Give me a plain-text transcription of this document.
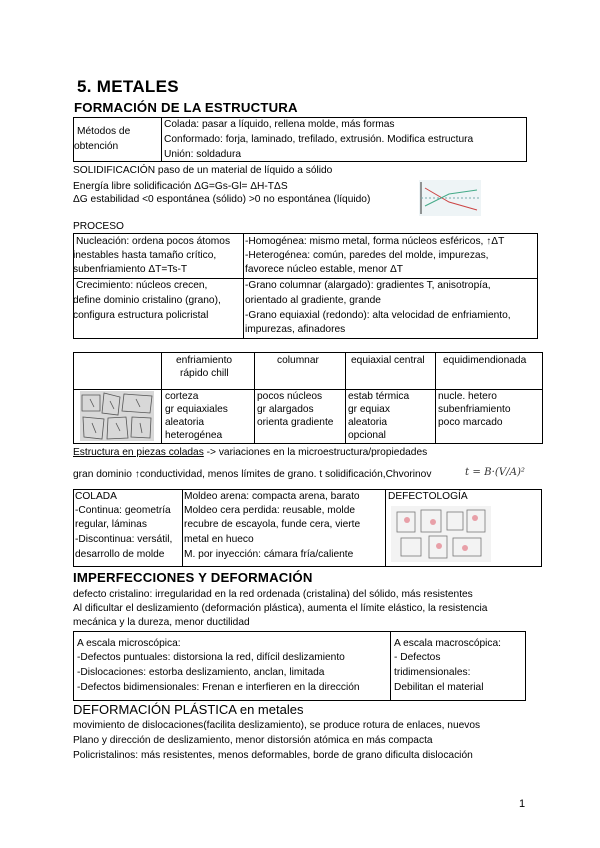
5. METALES
FORMACIÓN DE LA ESTRUCTURA
Métodos de
obtención
Colada: pasar a líquido, rellena molde, más formas
Conformado: forja, laminado, trefilado, extrusión. Modifica estructura
Unión: soldadura
SOLIDIFICACIÓN paso de un material de líquido a sólido
Energía libre solidificación ΔG=Gs-Gl= ΔH-TΔS
ΔG estabilidad <0 espontánea (sólido) >0 no espontánea (líquido)
PROCESO
Nucleación: ordena pocos átomos
inestables hasta tamaño crítico,
subenfriamiento ΔT=Ts-T
-Homogénea: mismo metal, forma núcleos esféricos, ↑ΔT
-Heterogénea: común, paredes del molde, impurezas,
favorece núcleo estable, menor ΔT
Crecimiento: núcleos crecen,
define dominio cristalino (grano),
configura estructura policristal
-Grano columnar (alargado): gradientes T, anisotropía,
orientado al gradiente, grande
-Grano equiaxial (redondo): alta velocidad de enfriamiento,
impurezas, afinadores
enfriamiento
rápido chill
columnar	equiaxial central equidimendionada
corteza
gr equiaxiales
aleatoria
heterogénea
pocos núcleos
gr alargados
orienta gradiente
estab térmica
gr equiax
aleatoria
opcional
nucle. hetero
subenfriamiento
poco marcado
Estructura en piezas coladas -> variaciones en la microestructura/propiedades
gran dominio ↑conductividad, menos límites de grano. t solidificación,Chvorinov	t = B·(V/A)²
COLADA
-Continua: geometría
regular, láminas
-Discontinua: versátil,
desarrollo de molde
Moldeo arena: compacta arena, barato
Moldeo cera perdida: reusable, molde
recubre de escayola, funde cera, vierte
metal en hueco
M. por inyección: cámara fría/caliente
DEFECTOLOGÍA
IMPERFECCIONES Y DEFORMACIÓN
defecto cristalino: irregularidad en la red ordenada (cristalina) del sólido, más resistentes
Al dificultar el deslizamiento (deformación plástica), aumenta el límite elástico, la resistencia
mecánica y la dureza, menor ductilidad
A escala microscópica:
-Defectos puntuales: distorsiona la red, difícil deslizamiento
-Dislocaciones: estorba deslizamiento, anclan, limitada
-Defectos bidimensionales: Frenan e interfieren en la dirección
A escala macroscópica:
- Defectos
tridimensionales:
Debilitan el material
DEFORMACIÓN PLÁSTICA en metales
movimiento de dislocaciones(facilita deslizamiento), se produce rotura de enlaces, nuevos
Plano y dirección de deslizamiento, menor distorsión atómica en más compacta
Policristalinos: más resistentes, menos deformables, borde de grano dificulta dislocación
1
